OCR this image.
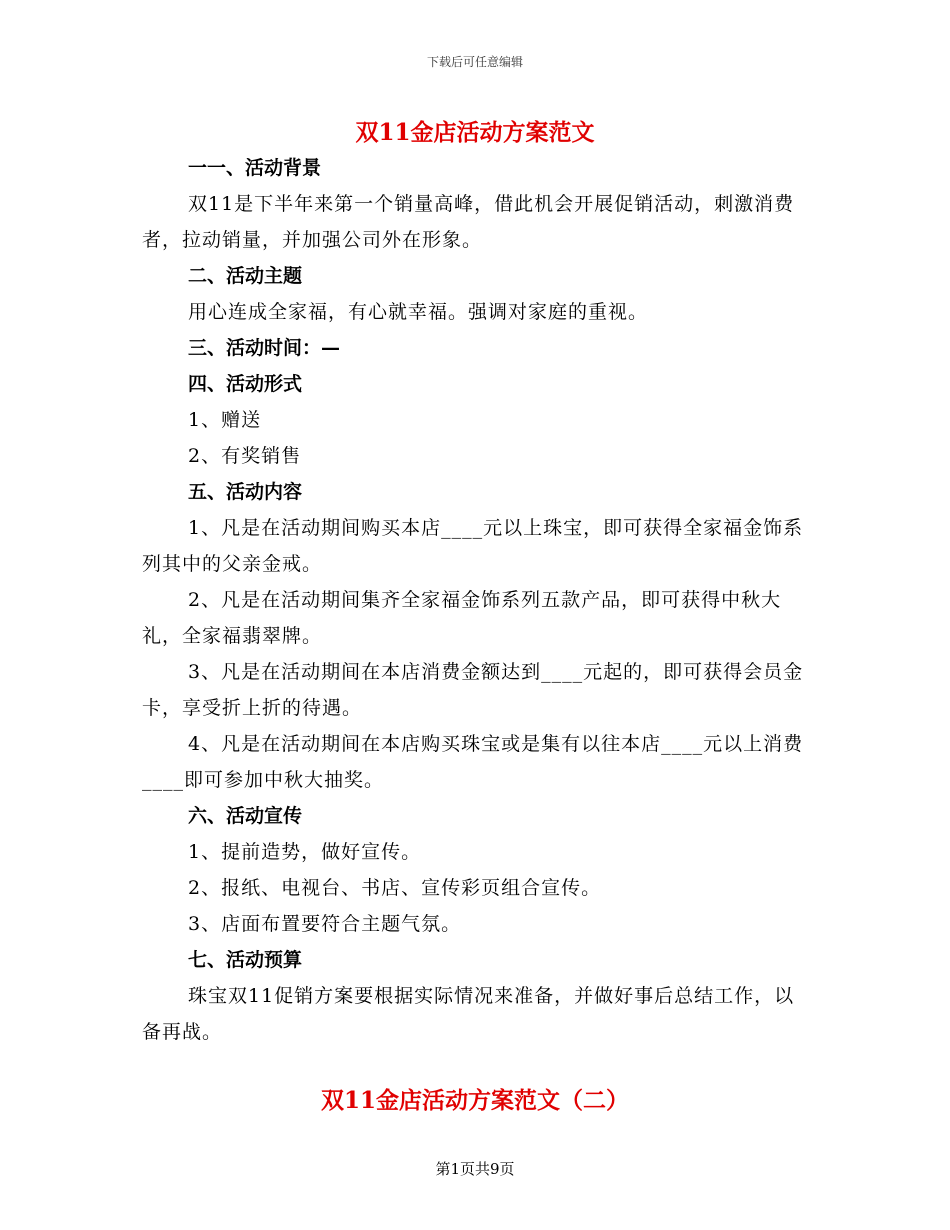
下载后可任意编辑
双11金店活动方案范文
一一、活动背景
双11是下半年来第一个销量高峰，借此机会开展促销活动，刺激消费者，拉动销量，并加强公司外在形象。
二、活动主题
用心连成全家福，有心就幸福。强调对家庭的重视。
三、活动时间：—
四、活动形式
1、赠送
2、有奖销售
五、活动内容
1、凡是在活动期间购买本店____元以上珠宝，即可获得全家福金饰系列其中的父亲金戒。
2、凡是在活动期间集齐全家福金饰系列五款产品，即可获得中秋大礼，全家福翡翠牌。
3、凡是在活动期间在本店消费金额达到____元起的，即可获得会员金卡，享受折上折的待遇。
4、凡是在活动期间在本店购买珠宝或是集有以往本店____元以上消费____即可参加中秋大抽奖。
六、活动宣传
1、提前造势，做好宣传。
2、报纸、电视台、书店、宣传彩页组合宣传。
3、店面布置要符合主题气氛。
七、活动预算
珠宝双11促销方案要根据实际情况来准备，并做好事后总结工作，以备再战。
双11金店活动方案范文（二）
第1页共9页
